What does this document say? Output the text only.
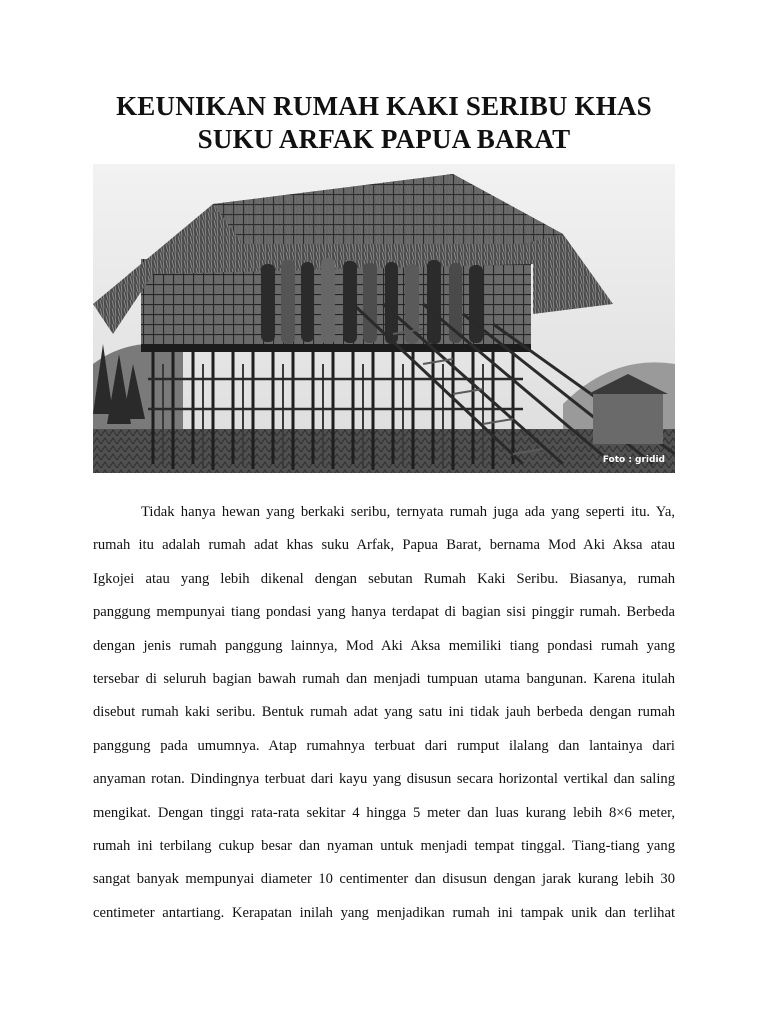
KEUNIKAN RUMAH KAKI SERIBU KHAS
SUKU ARFAK PAPUA BARAT
Foto : gridid
Tidak hanya hewan yang berkaki seribu, ternyata rumah juga ada yang seperti itu. Ya,
rumah itu adalah rumah adat khas suku Arfak, Papua Barat, bernama Mod Aki Aksa atau
Igkojei atau yang lebih dikenal dengan sebutan Rumah Kaki Seribu. Biasanya, rumah
panggung mempunyai tiang pondasi yang hanya terdapat di bagian sisi pinggir rumah. Berbeda
dengan jenis rumah panggung lainnya, Mod Aki Aksa memiliki tiang pondasi rumah yang
tersebar di seluruh bagian bawah rumah dan menjadi tumpuan utama bangunan. Karena itulah
disebut rumah kaki seribu. Bentuk rumah adat yang satu ini tidak jauh berbeda dengan rumah
panggung pada umumnya. Atap rumahnya terbuat dari rumput ilalang dan lantainya dari
anyaman rotan. Dindingnya terbuat dari kayu yang disusun secara horizontal vertikal dan saling
mengikat. Dengan tinggi rata-rata sekitar 4 hingga 5 meter dan luas kurang lebih 8×6 meter,
rumah ini terbilang cukup besar dan nyaman untuk menjadi tempat tinggal. Tiang-tiang yang
sangat banyak mempunyai diameter 10 centimenter dan disusun dengan jarak kurang lebih 30
centimeter antartiang. Kerapatan inilah yang menjadikan rumah ini tampak unik dan terlihat
